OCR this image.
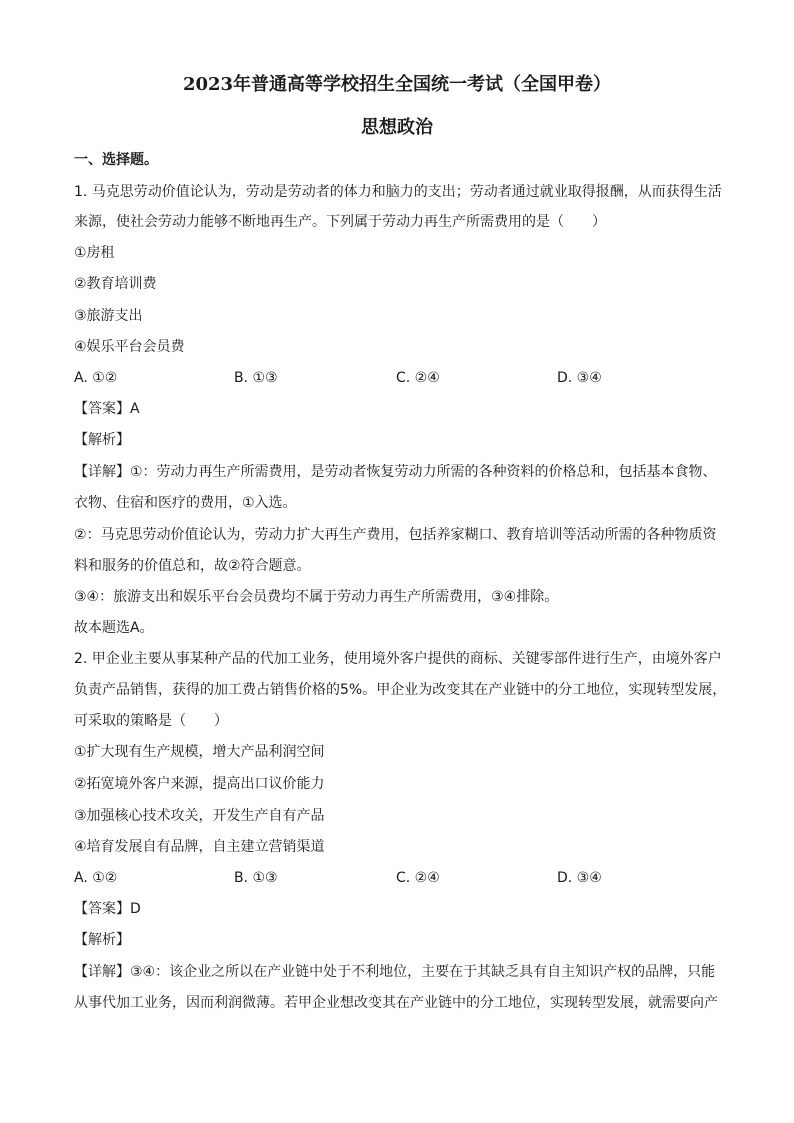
2023年普通高等学校招生全国统一考试（全国甲卷）
思想政治
一、选择题。
1. 马克思劳动价值论认为，劳动是劳动者的体力和脑力的支出；劳动者通过就业取得报酬，从而获得生活
来源，使社会劳动力能够不断地再生产。下列属于劳动力再生产所需费用的是（　　）
①房租
②教育培训费
③旅游支出
④娱乐平台会员费
A. ①②	B. ①③	C. ②④	D. ③④
【答案】A
【解析】
【详解】①：劳动力再生产所需费用，是劳动者恢复劳动力所需的各种资料的价格总和，包括基本食物、
衣物、住宿和医疗的费用，①入选。
②：马克思劳动价值论认为，劳动力扩大再生产费用，包括养家糊口、教育培训等活动所需的各种物质资
料和服务的价值总和，故②符合题意。
③④：旅游支出和娱乐平台会员费均不属于劳动力再生产所需费用，③④排除。
故本题选A。
2. 甲企业主要从事某种产品的代加工业务，使用境外客户提供的商标、关键零部件进行生产，由境外客户
负责产品销售，获得的加工费占销售价格的5%。甲企业为改变其在产业链中的分工地位，实现转型发展，
可采取的策略是（　　）
①扩大现有生产规模，增大产品利润空间
②拓宽境外客户来源，提高出口议价能力
③加强核心技术攻关，开发生产自有产品
④培育发展自有品牌，自主建立营销渠道
A. ①②	B. ①③	C. ②④	D. ③④
【答案】D
【解析】
【详解】③④：该企业之所以在产业链中处于不利地位，主要在于其缺乏具有自主知识产权的品牌，只能
从事代加工业务，因而利润微薄。若甲企业想改变其在产业链中的分工地位，实现转型发展，就需要向产
